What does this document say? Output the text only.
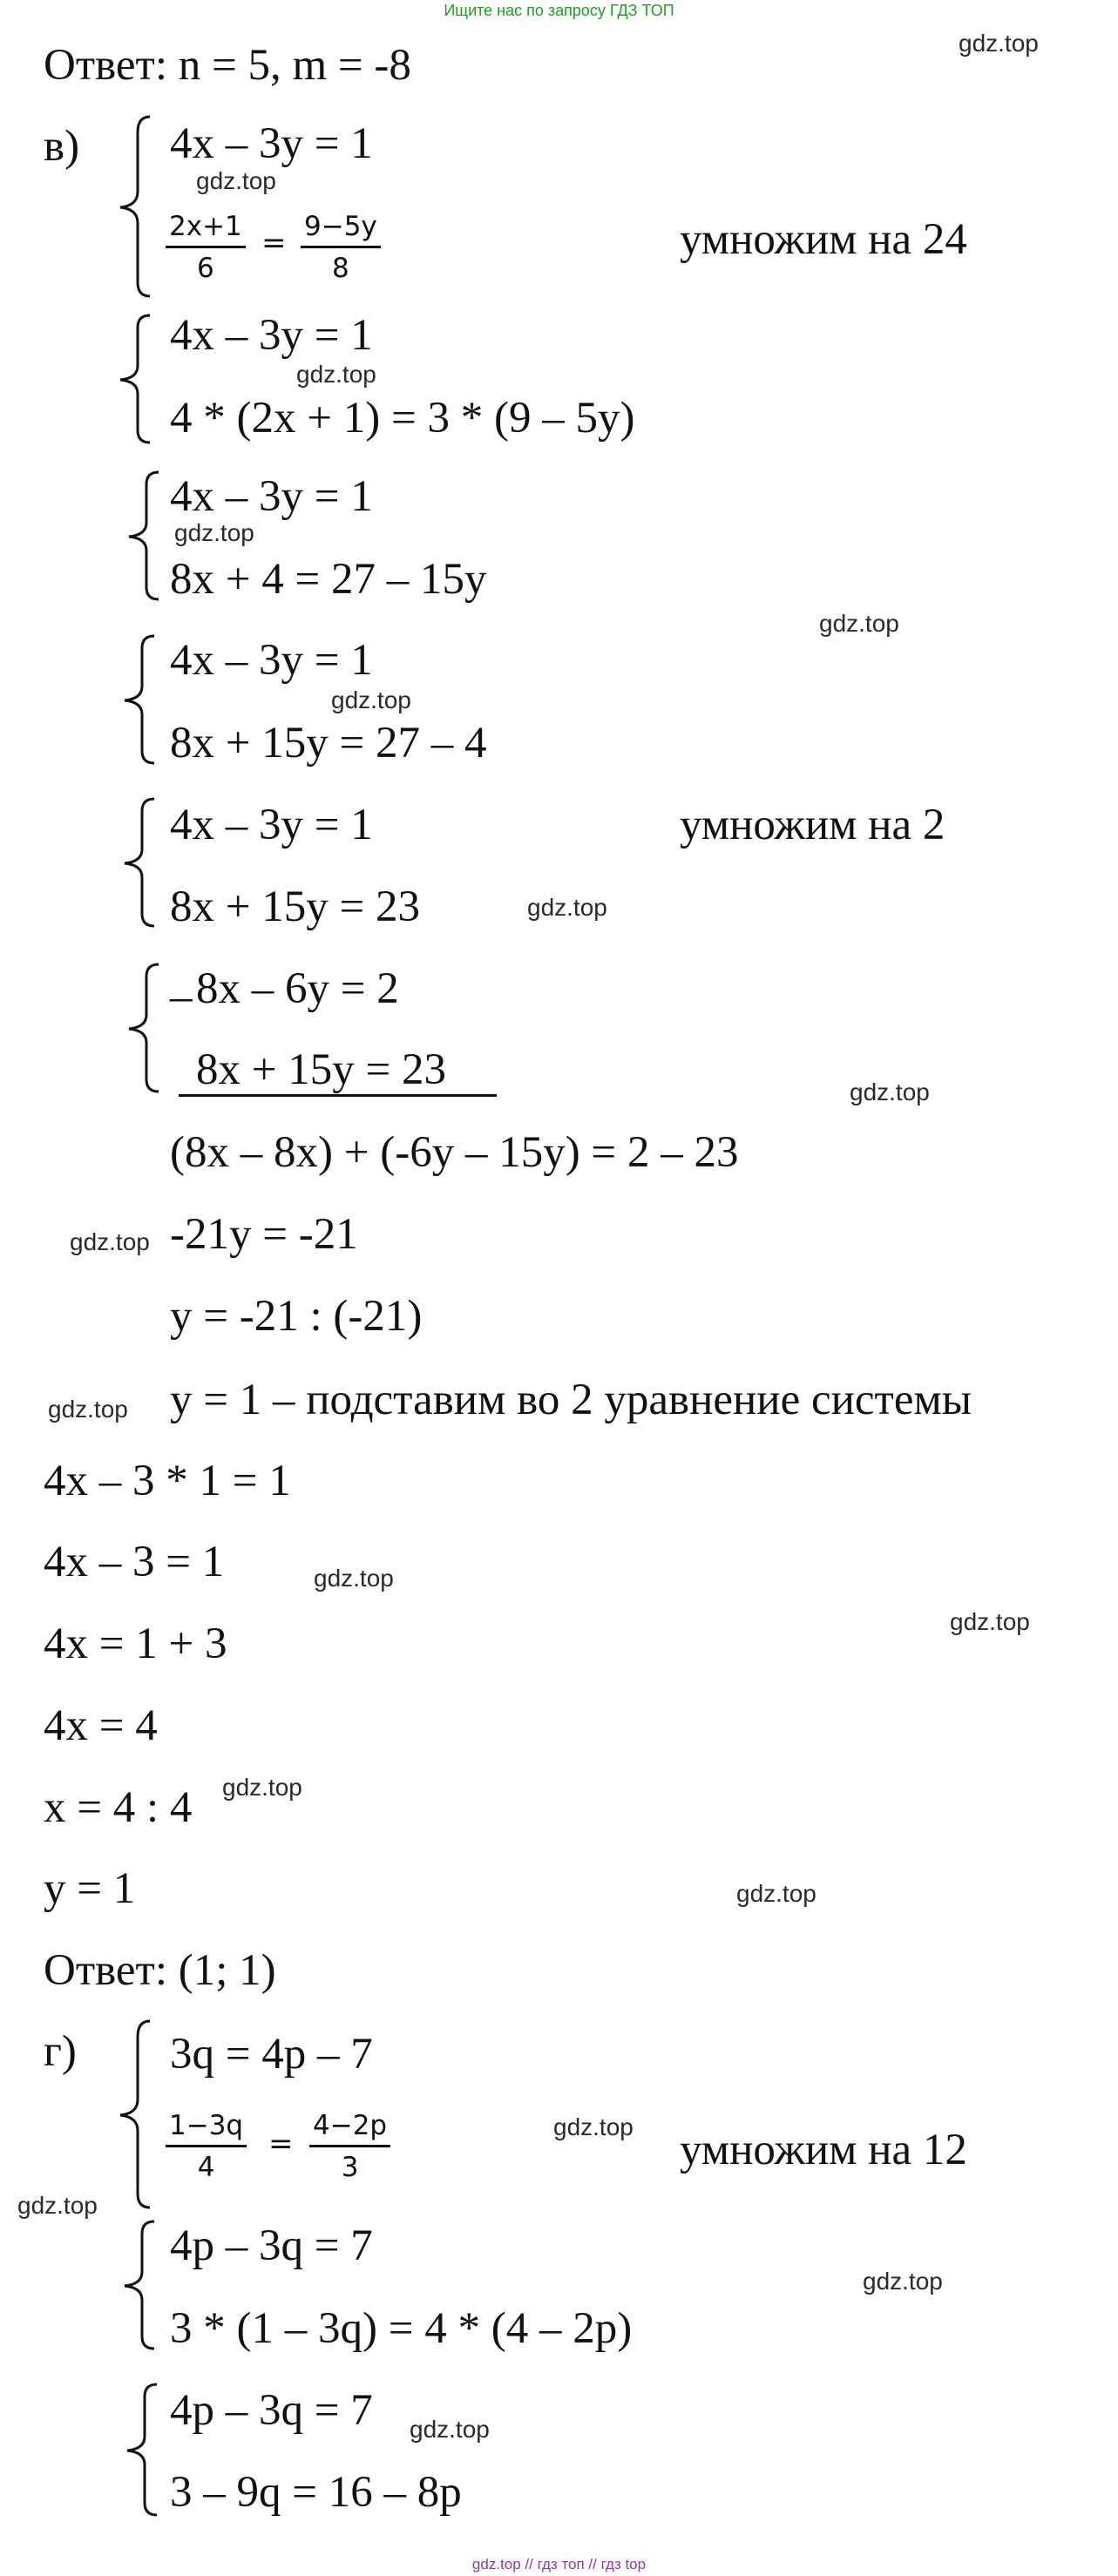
Ищите нас по запросу ГДЗ ТОП
Ответ: n = 5, m = -8
в) 4x – 3y = 1
2x+1
6
= 9−5y
8
умножим на 24
4x – 3y = 1
4 * (2x + 1) = 3 * (9 – 5y)
4x – 3y = 1
8x + 4 = 27 – 15y
4x – 3y = 1
8x + 15y = 27 – 4
4x – 3y = 1
8x + 15y = 23
умножим на 2
_ 8x – 6y = 2
8x + 15y = 23
(8x – 8x) + (-6y – 15y) = 2 – 23
-21y = -21
y = -21 : (-21)
y = 1 – подставим во 2 уравнение системы
4x – 3 * 1 = 1
4x – 3 = 1
4x = 1 + 3
4x = 4
x = 4 : 4
y = 1
Ответ: (1; 1)
г) 3q = 4p – 7
1−3q
4
=
4−2p
3	умножим на 12
4p – 3q = 7
3 * (1 – 3q) = 4 * (4 – 2p)
4p – 3q = 7
3 – 9q = 16 – 8p
gdz.top
gdz.top
gdz.top
gdz.top
gdz.top
gdz.top
gdz.top
gdz.top
gdz.top
gdz.top
gdz.top
gdz.top
gdz.top
gdz.top
gdz.top
gdz.top
gdz.top
gdz.top
gdz.top // гдз топ // гдз top
